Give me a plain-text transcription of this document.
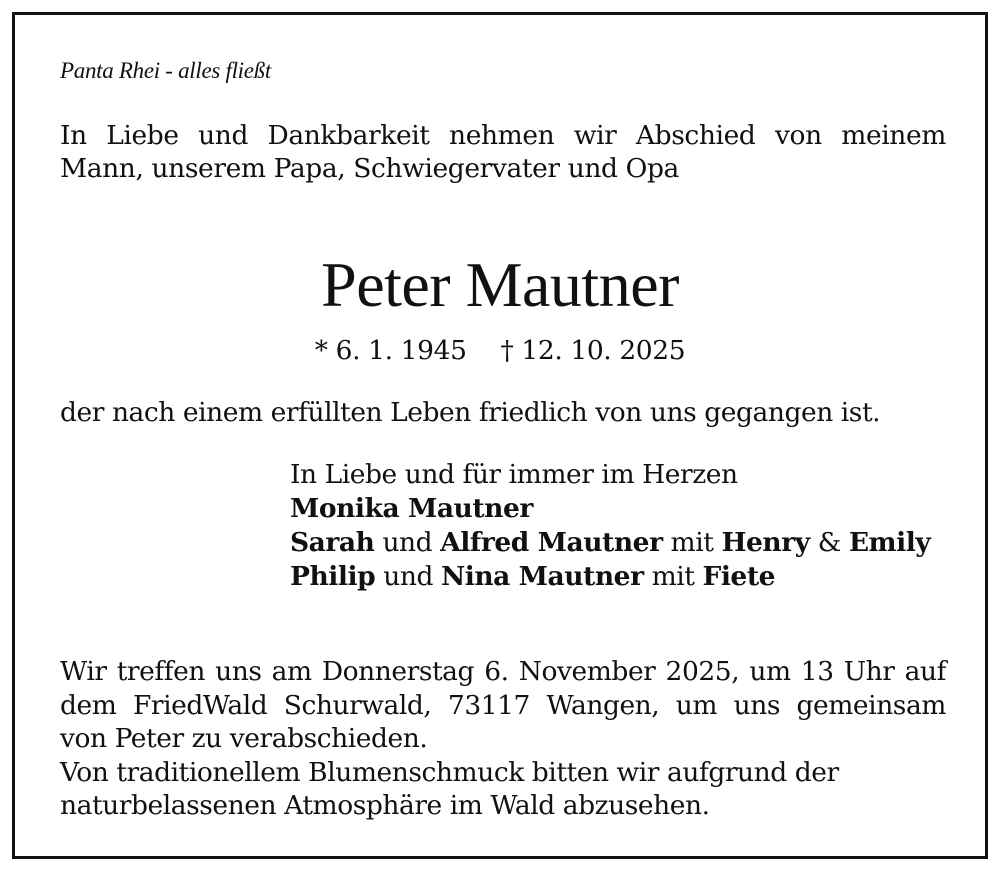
Panta Rhei - alles fließt
In Liebe und Dankbarkeit nehmen wir Abschied von meinem
Mann, unserem Papa, Schwiegervater und Opa
Peter Mautner
* 6. 1. 1945 † 12. 10. 2025
der nach einem erfüllten Leben friedlich von uns gegangen ist.
In Liebe und für immer im Herzen
Monika Mautner
Sarah und Alfred Mautner mit Henry & Emily
Philip und Nina Mautner mit Fiete
Wir treffen uns am Donnerstag 6. November 2025, um 13 Uhr auf
dem FriedWald Schurwald, 73117 Wangen, um uns gemeinsam
von Peter zu verabschieden.
Von traditionellem Blumenschmuck bitten wir aufgrund der
naturbelassenen Atmosphäre im Wald abzusehen.
